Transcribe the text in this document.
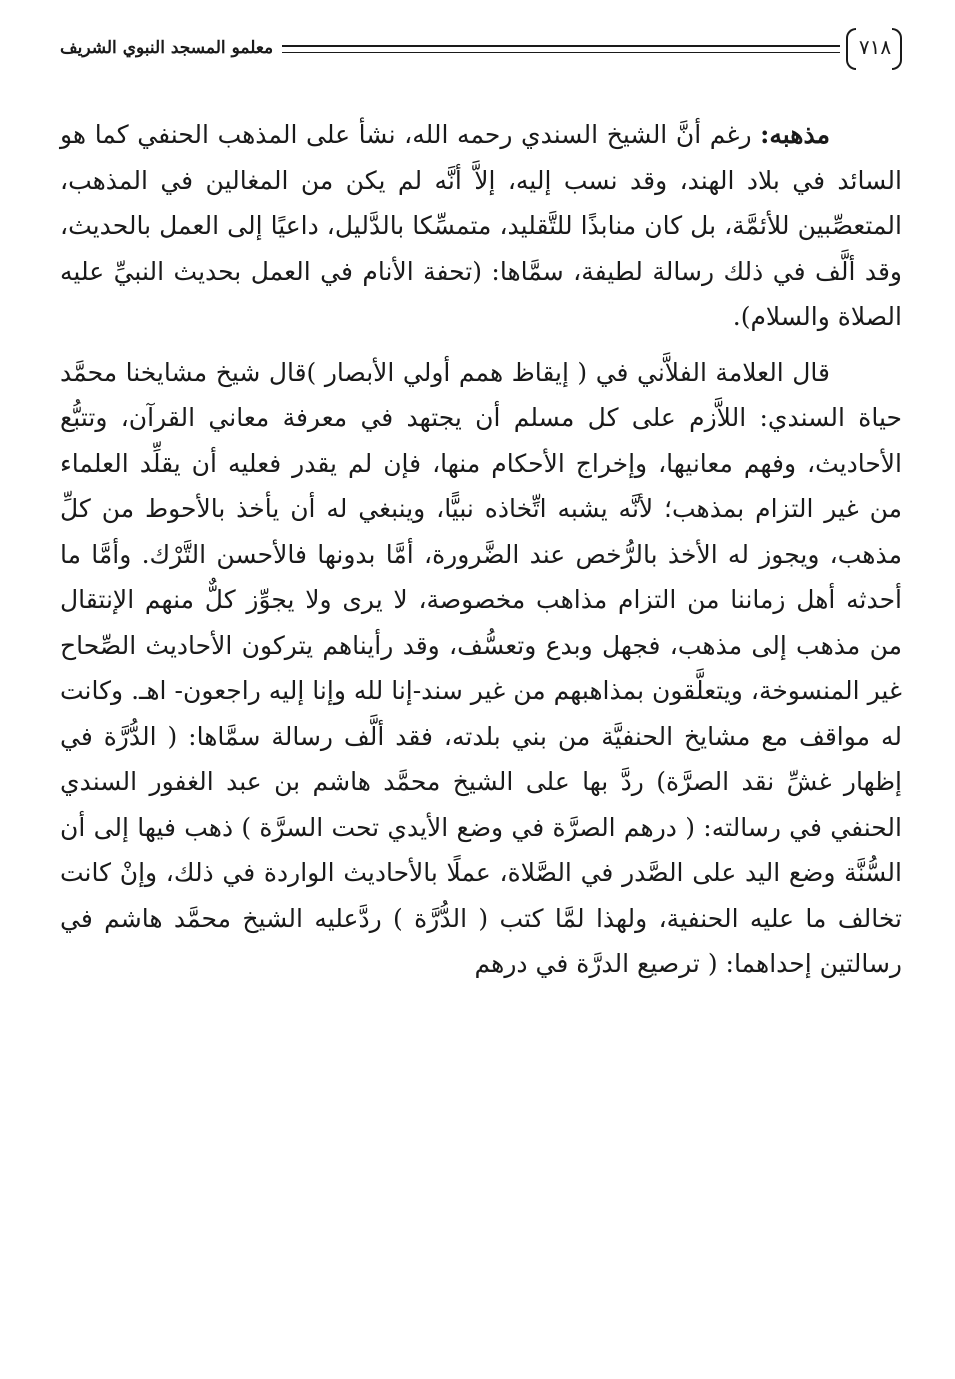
٧١٨
معلمو المسجد النبوي الشريف

مذهبه: رغم أنَّ الشيخ السندي رحمه الله، نشأ على المذهب الحنفي كما هو السائد في بلاد الهند، وقد نسب إليه، إلاَّ أنَّه لم يكن من المغالين في المذهب، المتعصِّبين للأئمَّة، بل كان منابذًا للتَّقليد، متمسِّكا بالدَّليل، داعيًا إلى العمل بالحديث، وقد ألَّف في ذلك رسالة لطيفة، سمَّاها: (تحفة الأنام في العمل بحديث النبيِّ عليه الصلاة والسلام).

قال العلامة الفلاَّني في ( إيقاظ همم أولي الأبصار )قال شيخ مشايخنا محمَّد حياة السندي: اللاَّزم على كل مسلم أن يجتهد في معرفة معاني القرآن، وتتبُّع الأحاديث، وفهم معانيها، وإخراج الأحكام منها، فإن لم يقدر فعليه أن يقلِّد العلماء من غير التزام بمذهب؛ لأنَّه يشبه اتِّخاذه نبيًّا، وينبغي له أن يأخذ بالأحوط من كلِّ مذهب، ويجوز له الأخذ بالرُّخص عند الضَّرورة، أمَّا بدونها فالأحسن التَّرْك. وأمَّا ما أحدثه أهل زماننا من التزام مذاهب مخصوصة، لا يرى ولا يجوِّز كلٌّ منهم الإنتقال من مذهب إلى مذهب، فجهل وبدع وتعسُّف، وقد رأيناهم يتركون الأحاديث الصِّحاح غير المنسوخة، ويتعلَّقون بمذاهبهم من غير سند-إنا لله وإنا إليه راجعون- اهـ. وكانت له مواقف مع مشايخ الحنفيَّة من بني بلدته، فقد ألَّف رسالة سمَّاها: ( الدُّرَّة في إظهار غشِّ نقد الصرَّة) ردَّ بها على الشيخ محمَّد هاشم بن عبد الغفور السندي الحنفي في رسالته: ( درهم الصرَّة في وضع الأيدي تحت السرَّة ) ذهب فيها إلى أن السُّنَّة وضع اليد على الصَّدر في الصَّلاة، عملًا بالأحاديث الواردة في ذلك، وإنْ كانت تخالف ما عليه الحنفية، ولهذا لمَّا كتب ( الدُّرَّة ) ردَّعليه الشيخ محمَّد هاشم في رسالتين إحداهما: ( ترصيع الدرَّة في درهم
